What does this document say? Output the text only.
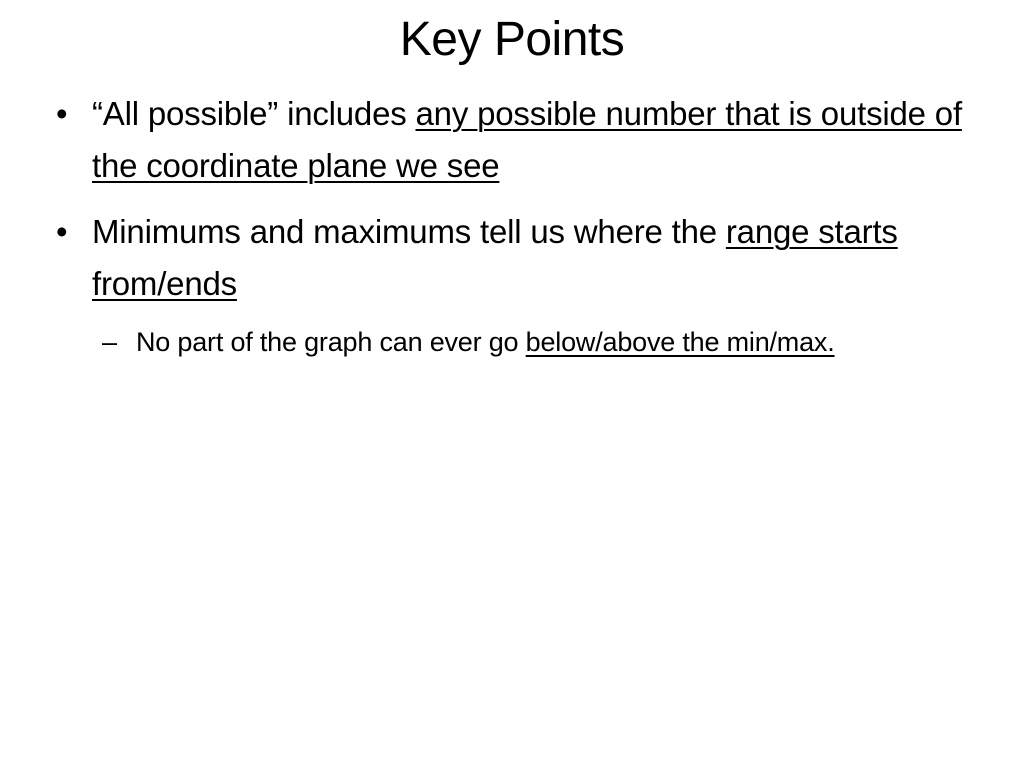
Key Points
• “All possible” includes any possible number that is outside of the coordinate plane we see
• Minimums and maximums tell us where the range starts from/ends
– No part of the graph can ever go below/above the min/max.
